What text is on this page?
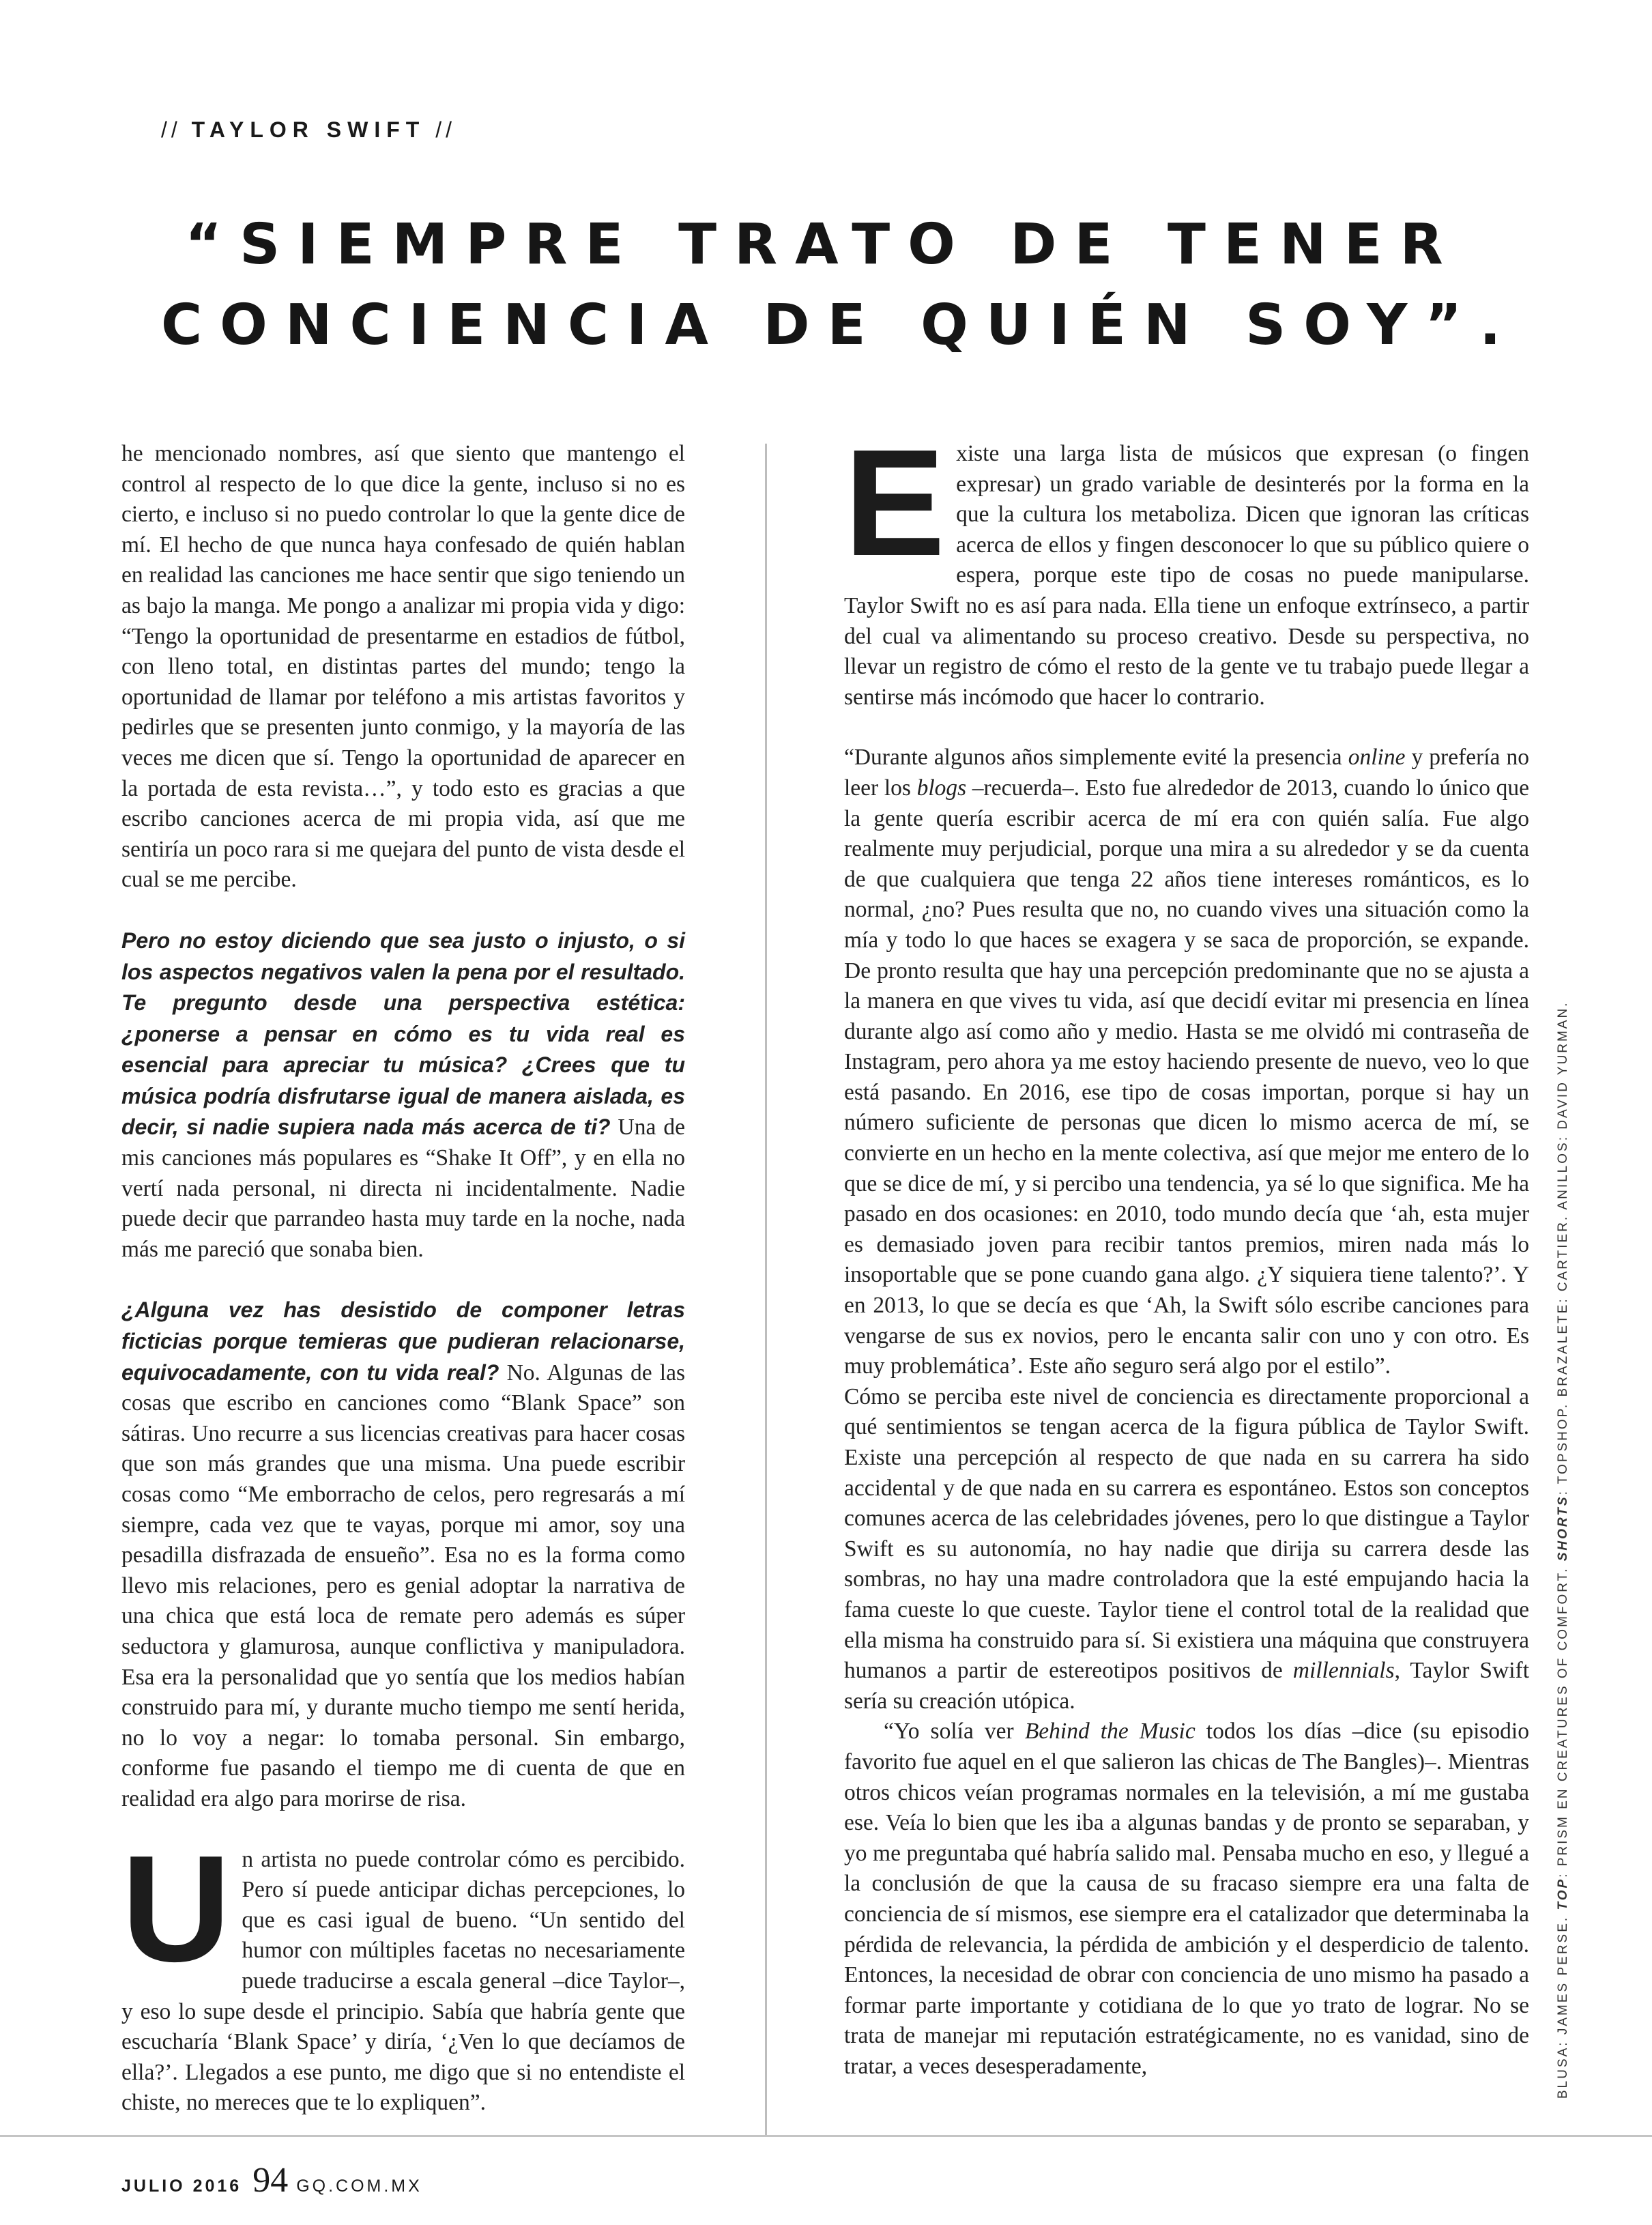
// TAYLOR SWIFT //
“SIEMPRE TRATO DE TENER
CONCIENCIA DE QUIÉN SOY”.

he mencionado nombres, así que siento que mantengo el control al respecto de lo que dice la gente, incluso si no es cierto, e incluso si no puedo controlar lo que la gente dice de mí. El hecho de que nunca haya confesado de quién hablan en realidad las canciones me hace sentir que sigo teniendo un as bajo la manga. Me pongo a analizar mi propia vida y digo: “Tengo la oportunidad de presentarme en estadios de fútbol, con lleno total, en distintas partes del mundo; tengo la oportunidad de llamar por teléfono a mis artistas favoritos y pedirles que se presenten junto conmigo, y la mayoría de las veces me dicen que sí. Tengo la oportunidad de aparecer en la portada de esta revista…”, y todo esto es gracias a que escribo canciones acerca de mi propia vida, así que me sentiría un poco rara si me quejara del punto de vista desde el cual se me percibe.

Pero no estoy diciendo que sea justo o injusto, o si los aspectos negativos valen la pena por el resultado. Te pregunto desde una perspectiva estética: ¿ponerse a pensar en cómo es tu vida real es esencial para apreciar tu música? ¿Crees que tu música podría disfrutarse igual de manera aislada, es decir, si nadie supiera nada más acerca de ti? Una de mis canciones más populares es “Shake It Off”, y en ella no vertí nada personal, ni directa ni incidentalmente. Nadie puede decir que parrandeo hasta muy tarde en la noche, nada más me pareció que sonaba bien.

¿Alguna vez has desistido de componer letras ficticias porque temieras que pudieran relacionarse, equivocadamente, con tu vida real? No. Algunas de las cosas que escribo en canciones como “Blank Space” son sátiras. Uno recurre a sus licencias creativas para hacer cosas que son más grandes que una misma. Una puede escribir cosas como “Me emborracho de celos, pero regresarás a mí siempre, cada vez que te vayas, porque mi amor, soy una pesadilla disfrazada de ensueño”. Esa no es la forma como llevo mis relaciones, pero es genial adoptar la narrativa de una chica que está loca de remate pero además es súper seductora y glamurosa, aunque conflictiva y manipuladora. Esa era la personalidad que yo sentía que los medios habían construido para mí, y durante mucho tiempo me sentí herida, no lo voy a negar: lo tomaba personal. Sin embargo, conforme fue pasando el tiempo me di cuenta de que en realidad era algo para morirse de risa.

Un artista no puede controlar cómo es percibido. Pero sí puede anticipar dichas percepciones, lo que es casi igual de bueno. “Un sentido del humor con múltiples facetas no necesariamente puede traducirse a escala general –dice Taylor–, y eso lo supe desde el principio. Sabía que habría gente que escucharía ‘Blank Space’ y diría, ‘¿Ven lo que decíamos de ella?’. Llegados a ese punto, me digo que si no entendiste el chiste, no mereces que te lo expliquen”.

Existe una larga lista de músicos que expresan (o fingen expresar) un grado variable de desinterés por la forma en la que la cultura los metaboliza. Dicen que ignoran las críticas acerca de ellos y fingen desconocer lo que su público quiere o espera, porque este tipo de cosas no puede manipularse. Taylor Swift no es así para nada. Ella tiene un enfoque extrínseco, a partir del cual va alimentando su proceso creativo. Desde su perspectiva, no llevar un registro de cómo el resto de la gente ve tu trabajo puede llegar a sentirse más incómodo que hacer lo contrario.

“Durante algunos años simplemente evité la presencia online y prefería no leer los blogs –recuerda–. Esto fue alrededor de 2013, cuando lo único que la gente quería escribir acerca de mí era con quién salía. Fue algo realmente muy perjudicial, porque una mira a su alrededor y se da cuenta de que cualquiera que tenga 22 años tiene intereses románticos, es lo normal, ¿no? Pues resulta que no, no cuando vives una situación como la mía y todo lo que haces se exagera y se saca de proporción, se expande. De pronto resulta que hay una percepción predominante que no se ajusta a la manera en que vives tu vida, así que decidí evitar mi presencia en línea durante algo así como año y medio. Hasta se me olvidó mi contraseña de Instagram, pero ahora ya me estoy haciendo presente de nuevo, veo lo que está pasando. En 2016, ese tipo de cosas importan, porque si hay un número suficiente de personas que dicen lo mismo acerca de mí, se convierte en un hecho en la mente colectiva, así que mejor me entero de lo que se dice de mí, y si percibo una tendencia, ya sé lo que significa. Me ha pasado en dos ocasiones: en 2010, todo mundo decía que ‘ah, esta mujer es demasiado joven para recibir tantos premios, miren nada más lo insoportable que se pone cuando gana algo. ¿Y siquiera tiene talento?’. Y en 2013, lo que se decía es que ‘Ah, la Swift sólo escribe canciones para vengarse de sus ex novios, pero le encanta salir con uno y con otro. Es muy problemática’. Este año seguro será algo por el estilo”.

Cómo se perciba este nivel de conciencia es directamente proporcional a qué sentimientos se tengan acerca de la figura pública de Taylor Swift. Existe una percepción al respecto de que nada en su carrera ha sido accidental y de que nada en su carrera es espontáneo. Estos son conceptos comunes acerca de las celebridades jóvenes, pero lo que distingue a Taylor Swift es su autonomía, no hay nadie que dirija su carrera desde las sombras, no hay una madre controladora que la esté empujando hacia la fama cueste lo que cueste. Taylor tiene el control total de la realidad que ella misma ha construido para sí. Si existiera una máquina que construyera humanos a partir de estereotipos positivos de millennials, Taylor Swift sería su creación utópica.

“Yo solía ver Behind the Music todos los días –dice (su episodio favorito fue aquel en el que salieron las chicas de The Bangles)–. Mientras otros chicos veían programas normales en la televisión, a mí me gustaba ese. Veía lo bien que les iba a algunas bandas y de pronto se separaban, y yo me preguntaba qué habría salido mal. Pensaba mucho en eso, y llegué a la conclusión de que la causa de su fracaso siempre era una falta de conciencia de sí mismos, ese siempre era el catalizador que determinaba la pérdida de relevancia, la pérdida de ambición y el desperdicio de talento. Entonces, la necesidad de obrar con conciencia de uno mismo ha pasado a formar parte importante y cotidiana de lo que yo trato de lograr. No se trata de manejar mi reputación estratégicamente, no es vanidad, sino de tratar, a veces desesperadamente,	BLUSA: JAMES PERSE. TOP: PRISM EN CREATURES OF COMFORT. SHORTS: TOPSHOP. BRAZALETE: CARTIER. ANILLOS: DAVID YURMAN.
JULIO 2016 94 GQ.COM.MX
